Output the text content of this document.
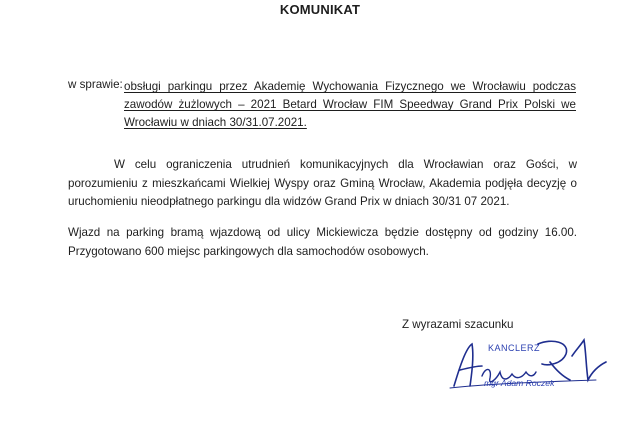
KOMUNIKAT
w sprawie: obsługi parkingu przez Akademię Wychowania Fizycznego we Wrocławiu podczas zawodów żużlowych – 2021 Betard Wrocław FIM Speedway Grand Prix Polski we Wrocławiu w dniach 30/31.07.2021.

W celu ograniczenia utrudnień komunikacyjnych dla Wrocławian oraz Gości, w porozumieniu z mieszkańcami Wielkiej Wyspy oraz Gminą Wrocław, Akademia podjęła decyzję o uruchomieniu nieodpłatnego parkingu dla widzów Grand Prix w dniach 30/31 07 2021.

Wjazd na parking bramą wjazdową od ulicy Mickiewicza będzie dostępny od godziny 16.00. Przygotowano 600 miejsc parkingowych dla samochodów osobowych.

Z wyrazami szacunku
KANCLERZ
mgr Adam Roczek
